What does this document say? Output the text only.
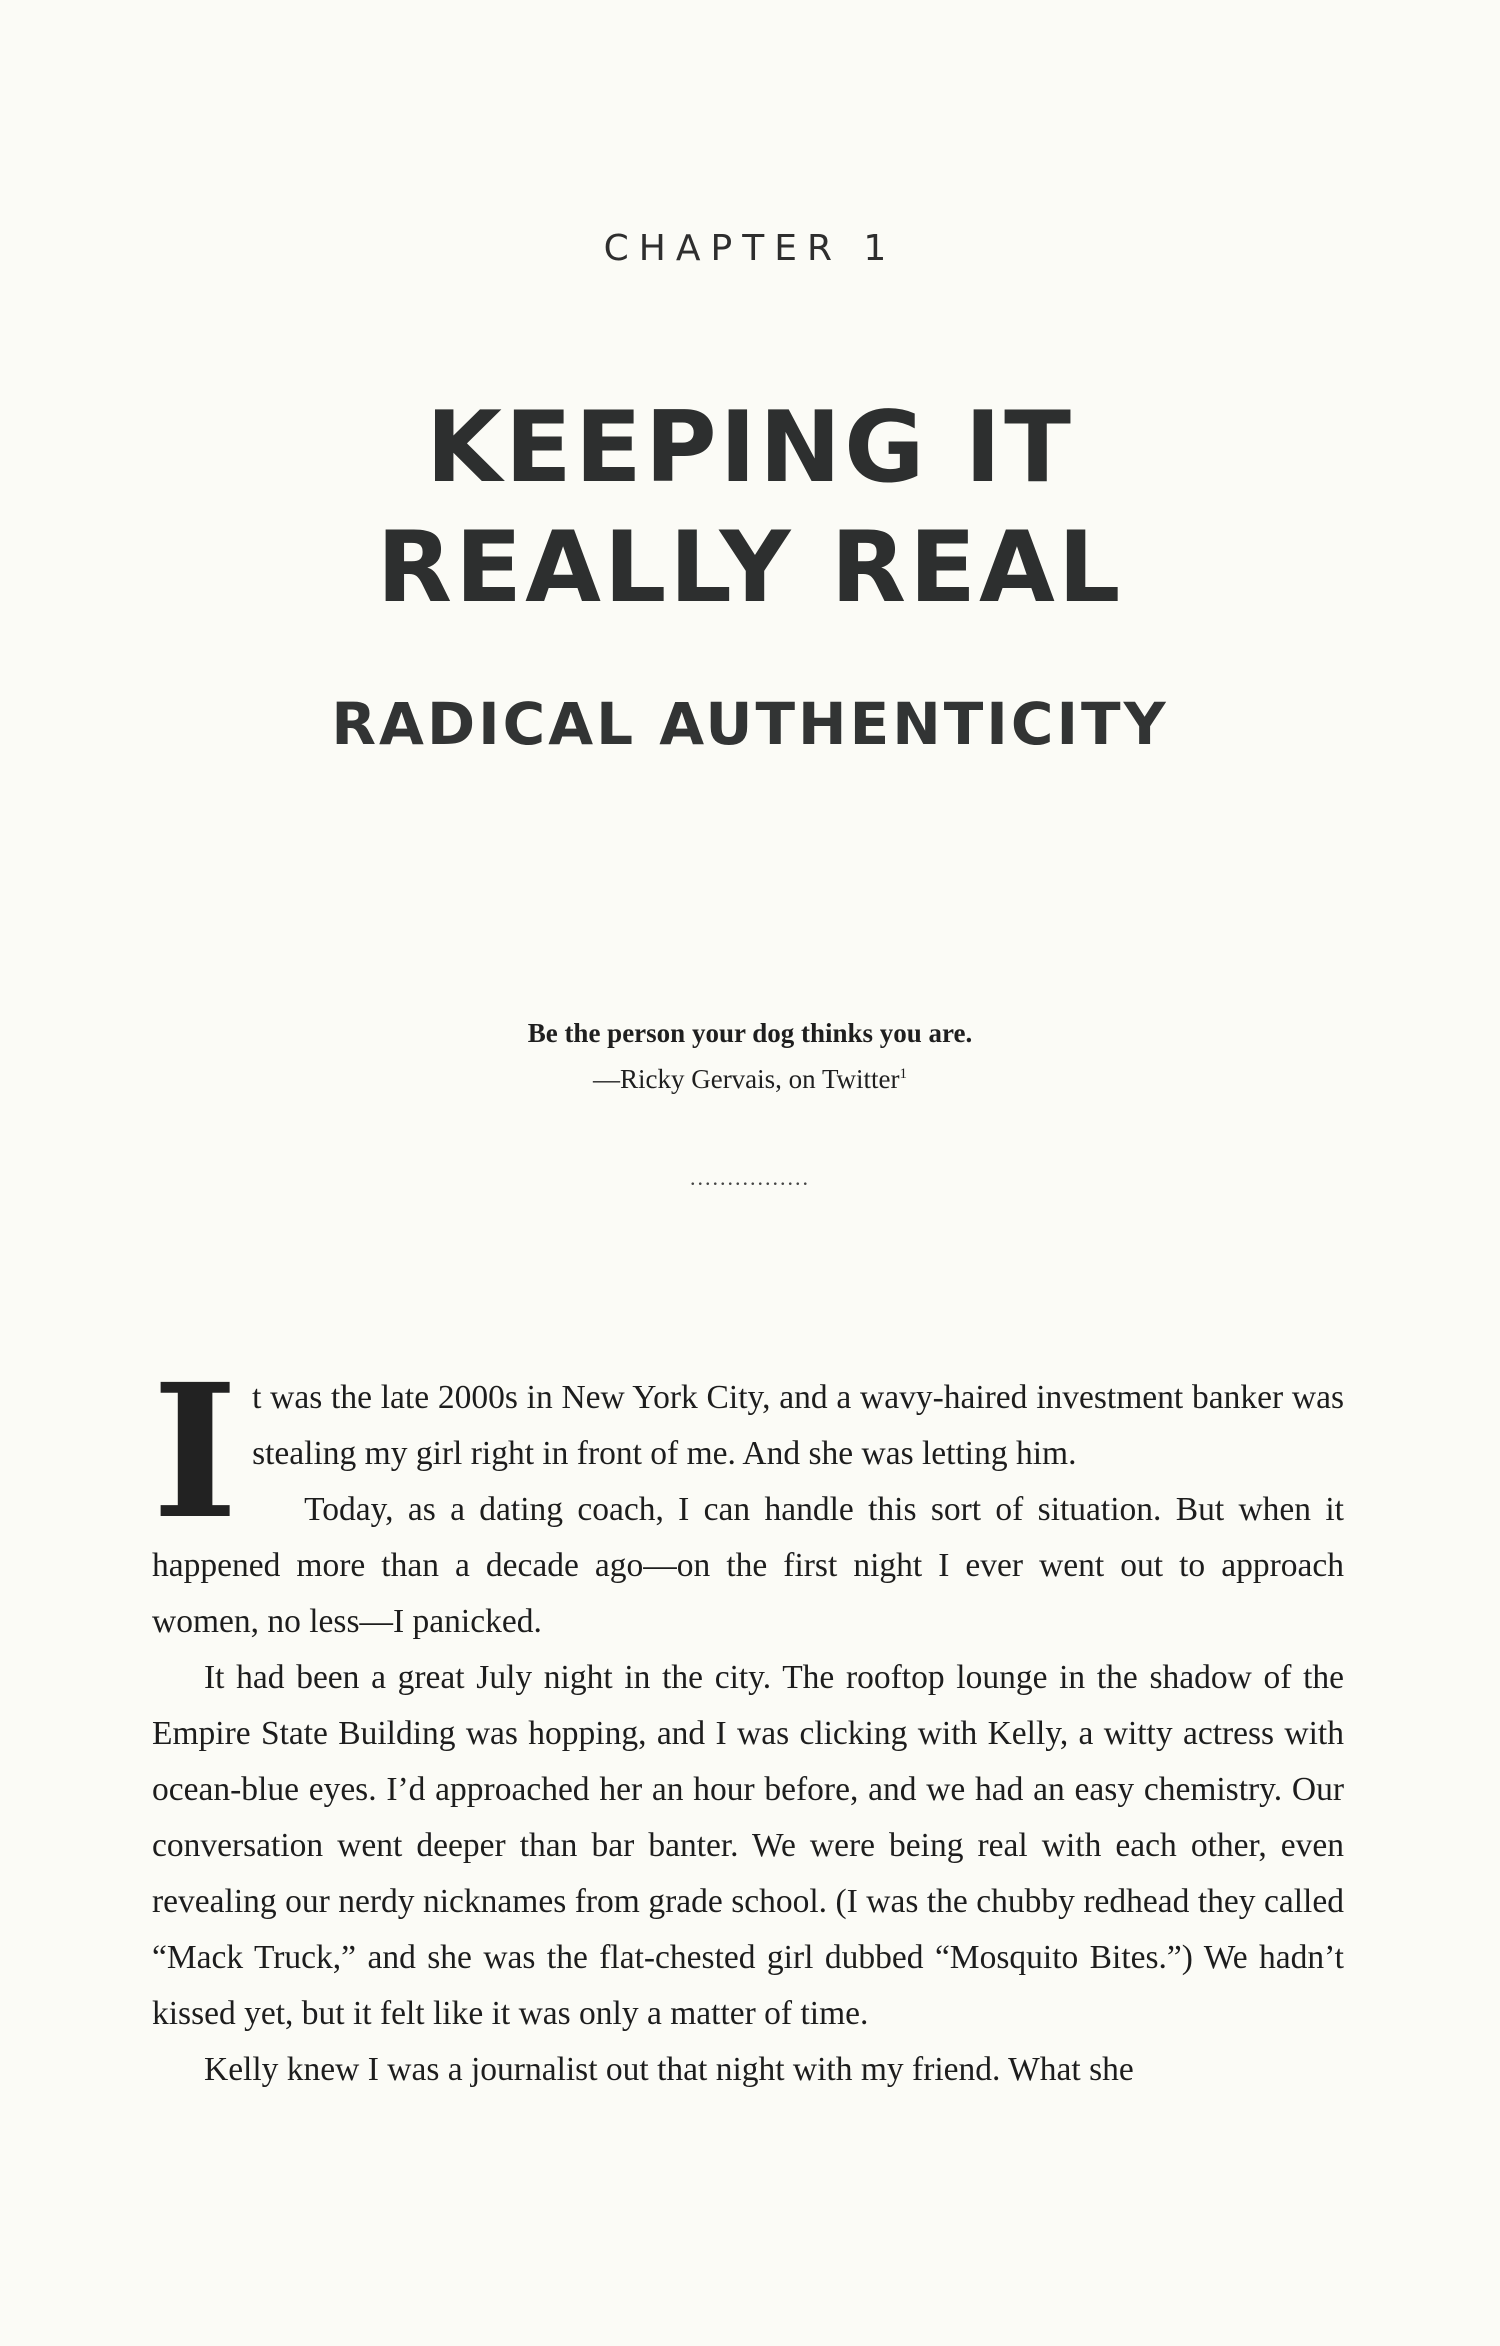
CHAPTER 1
KEEPING IT
REALLY REAL
RADICAL AUTHENTICITY
Be the person your dog thinks you are.
—Ricky Gervais, on Twitter$^1$
................

It was the late 2000s in New York City, and a wavy-haired investment banker was stealing my girl right in front of me. And she was letting him.

Today, as a dating coach, I can handle this sort of situation. But when it happened more than a decade ago—on the first night I ever went out to approach women, no less—I panicked.

It had been a great July night in the city. The rooftop lounge in the shadow of the Empire State Building was hopping, and I was clicking with Kelly, a witty actress with ocean-blue eyes. I’d approached her an hour before, and we had an easy chemistry. Our conversation went deeper than bar banter. We were being real with each other, even revealing our nerdy nicknames from grade school. (I was the chubby redhead they called “Mack Truck,” and she was the flat-chested girl dubbed “Mosquito Bites.”) We hadn’t kissed yet, but it felt like it was only a matter of time.

Kelly knew I was a journalist out that night with my friend. What she
